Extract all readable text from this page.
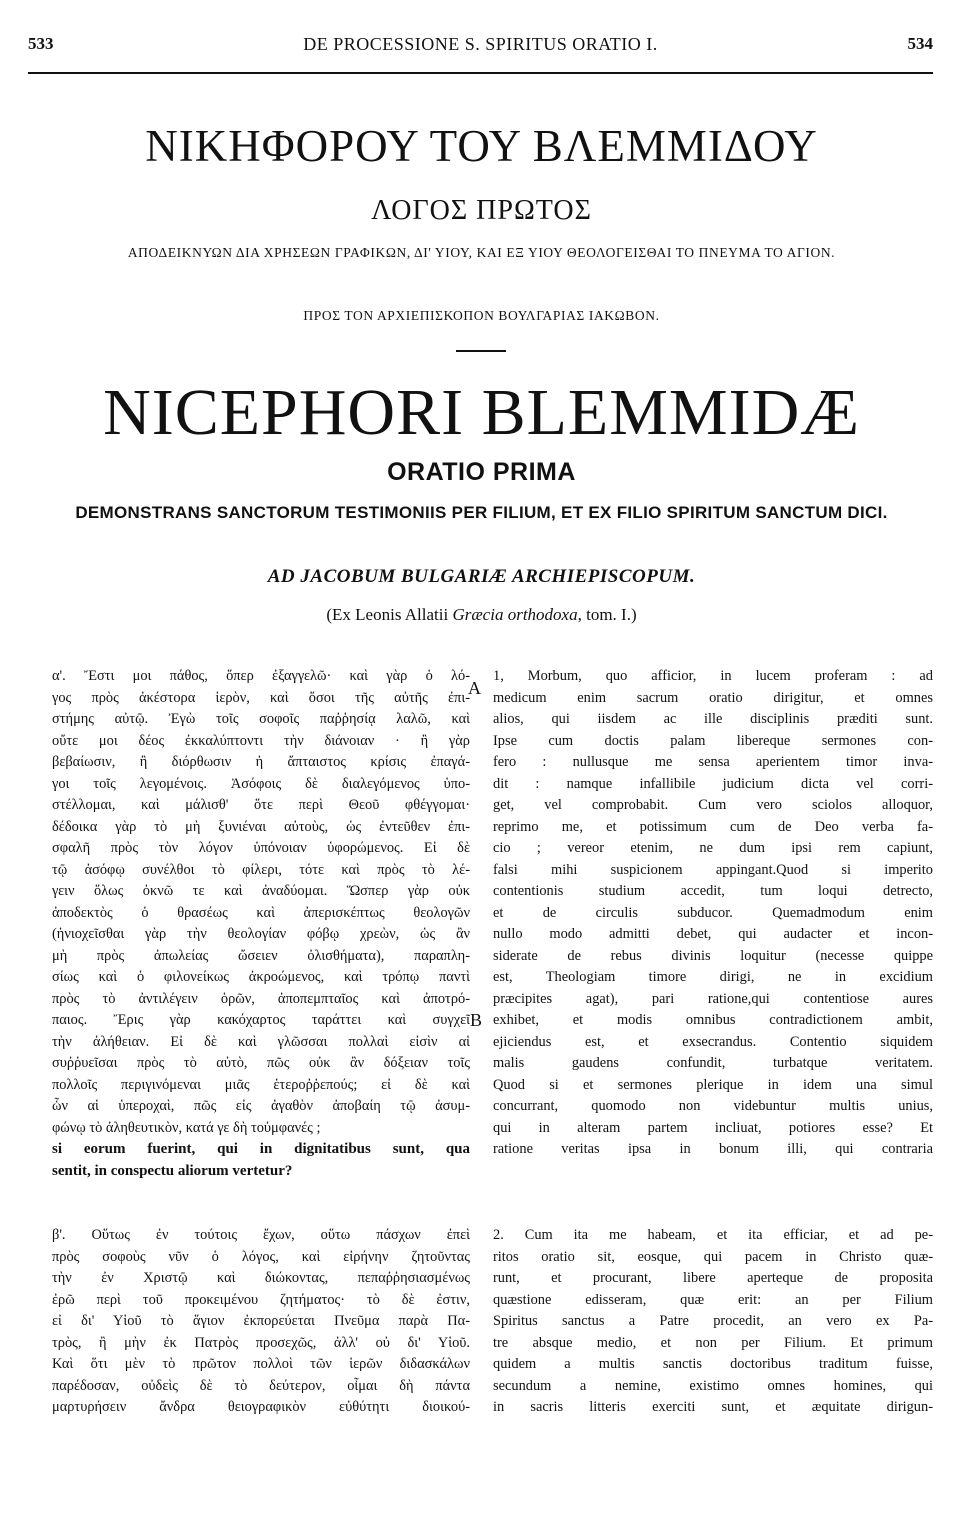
533	DE PROCESSIONE S. SPIRITUS ORATIO I.	534
ΝΙΚΗΦΟΡΟΥ ΤΟΥ ΒΛΕΜΜΙΔΟΥ
ΛΟΓΟΣ ΠΡΩΤΟΣ
ΑΠΟΔΕΙΚΝΥΩΝ ΔΙΑ ΧΡΗΣΕΩΝ ΓΡΑΦΙΚΩΝ, ΔΙ' ΥΙΟΥ, ΚΑΙ ΕΞ ΥΙΟΥ ΘΕΟΛΟΓΕΙΣΘΑΙ ΤΟ ΠΝΕΥΜΑ ΤΟ ΑΓΙΟΝ.
ΠΡΟΣ ΤΟΝ ΑΡΧΙΕΠΙΣΚΟΠΟΝ ΒΟΥΛΓΑΡΙΑΣ ΙΑΚΩΒΟΝ.
NICEPHORI BLEMMIDÆ
ORATIO PRIMA
DEMONSTRANS SANCTORUM TESTIMONIIS PER FILIUM, ET EX FILIO SPIRITUM SANCTUM DICI.
AD JACOBUM BULGARIÆ ARCHIEPISCOPUM.
(Ex Leonis Allatii Græcia orthodoxa, tom. I.)
A
B
α'. Ἔστι μοι πάθος, ὅπερ ἐξαγγελῶ· καὶ γὰρ ὁ λό-
γος πρὸς ἀκέστορα ἱερὸν, καὶ ὅσοι τῆς αὐτῆς ἐπι-
στήμης αὐτῷ. Ἐγὼ τοῖς σοφοῖς παῤῥησίᾳ λαλῶ, καὶ
οὔτε μοι δέος ἐκκαλύπτοντι τὴν διάνοιαν · ἢ γὰρ
βεβαίωσιν, ἢ διόρθωσιν ἡ ἄπταιστος κρίσις ἐπαγά-
γοι τοῖς λεγομένοις. Ἀσόφοις δὲ διαλεγόμενος ὑπο-
στέλλομαι, καὶ μάλισθ' ὅτε περὶ Θεοῦ φθέγγομαι·
δέδοικα γὰρ τὸ μὴ ξυνιέναι αὐτοὺς, ὡς ἐντεῦθεν ἐπι-
σφαλῆ πρὸς τὸν λόγον ὑπόνοιαν ὑφορώμενος. Εἰ δὲ
τῷ ἀσόφῳ συνέλθοι τὸ φίλερι, τότε καὶ πρὸς τὸ λέ-
γειν ὅλως ὀκνῶ τε καὶ ἀναδύομαι. Ὥσπερ γὰρ οὐκ
ἀποδεκτὸς ὁ θρασέως καὶ ἀπερισκέπτως θεολογῶν
(ἡνιοχεῖσθαι γὰρ τὴν θεολογίαν φόβῳ χρεὼν, ὡς ἂν
μὴ πρὸς ἀπωλείας ὤσειεν ὀλισθήματα), παραπλη-
σίως καὶ ὁ φιλονείκως ἀκροώμενος, καὶ τρόπῳ παντὶ
πρὸς τὸ ἀντιλέγειν ὁρῶν, ἀποπεμπταῖος καὶ ἀποτρό-
παιος. Ἔρις γὰρ κακόχαρτος ταράττει καὶ συγχεῖ
τὴν ἀλήθειαν. Εἰ δὲ καὶ γλῶσσαι πολλαὶ εἰσὶν αἱ
συῤῥυεῖσαι πρὸς τὸ αὐτὸ, πῶς οὐκ ἂν δόξειαν τοῖς
πολλοῖς περιγινόμεναι μιᾶς ἑτεροῤῥεπούς; εἰ δὲ καὶ
ὧν αἱ ὑπεροχαὶ, πῶς εἰς ἀγαθὸν ἀποβαίη τῷ ἀσυμ-
φώνῳ τὸ ἀληθευτικὸν, κατά γε δὴ τοὐμφανές ;
1, Morbum, quo afficior, in lucem proferam : ad
medicum enim sacrum oratio dirigitur, et omnes
alios, qui iisdem ac ille disciplinis præditi sunt.
Ipse cum doctis palam libereque sermones con-
fero : nullusque me sensa aperientem timor inva-
dit : namque infallibile judicium dicta vel corri-
get, vel comprobabit. Cum vero sciolos alloquor,
reprimo me, et potissimum cum de Deo verba fa-
cio ; vereor etenim, ne dum ipsi rem capiunt,
falsi mihi suspicionem appingant.Quod si imperito
contentionis studium accedit, tum loqui detrecto,
et de circulis subducor. Quemadmodum enim
nullo modo admitti debet, qui audacter et incon-
siderate de rebus divinis loquitur (necesse quippe
est, Theologiam timore dirigi, ne in excidium
præcipites agat), pari ratione,qui contentiose aures
exhibet, et modis omnibus contradictionem ambit,
ejiciendus est, et exsecrandus. Contentio siquidem
malis gaudens confundit, turbatque veritatem.
Quod si et sermones plerique in idem una simul
concurrant, quomodo non videbuntur multis unius,
qui in alteram partem incliuat, potiores esse? Et
ratione veritas ipsa in bonum illi, qui contraria
si eorum fuerint, qui in dignitatibus sunt, qua
sentit, in conspectu aliorum vertetur?
β'. Οὕτως ἐν τούτοις ἔχων, οὕτω πάσχων ἐπεὶ
πρὸς σοφοὺς νῦν ὁ λόγος, καὶ εἰρήνην ζητοῦντας
τὴν ἐν Χριστῷ καὶ διώκοντας, πεπαῤῥησιασμένως
ἐρῶ περὶ τοῦ προκειμένου ζητήματος· τὸ δὲ ἐστιν,
εἰ δι' Υἱοῦ τὸ ἅγιον ἐκπορεύεται Πνεῦμα παρὰ Πα-
τρὸς, ἢ μὴν ἐκ Πατρὸς προσεχῶς, ἀλλ' οὐ δι' Υἱοῦ.
Καὶ ὅτι μὲν τὸ πρῶτον πολλοὶ τῶν ἱερῶν διδασκάλων
παρέδοσαν, οὐδεὶς δὲ τὸ δεύτερον, οἶμαι δὴ πάντα
μαρτυρήσειν ἄνδρα θειογραφικὸν εὐθύτητι διοικού-
2. Cum ita me habeam, et ita efficiar, et ad pe-
ritos oratio sit, eosque, qui pacem in Christo quæ-
runt, et procurant, libere aperteque de proposita
quæstione edisseram, quæ erit: an per Filium
Spiritus sanctus a Patre procedit, an vero ex Pa-
tre absque medio, et non per Filium. Et primum
quidem a multis sanctis doctoribus traditum fuisse,
secundum a nemine, existimo omnes homines, qui
in sacris litteris exerciti sunt, et æquitate dirigun-
